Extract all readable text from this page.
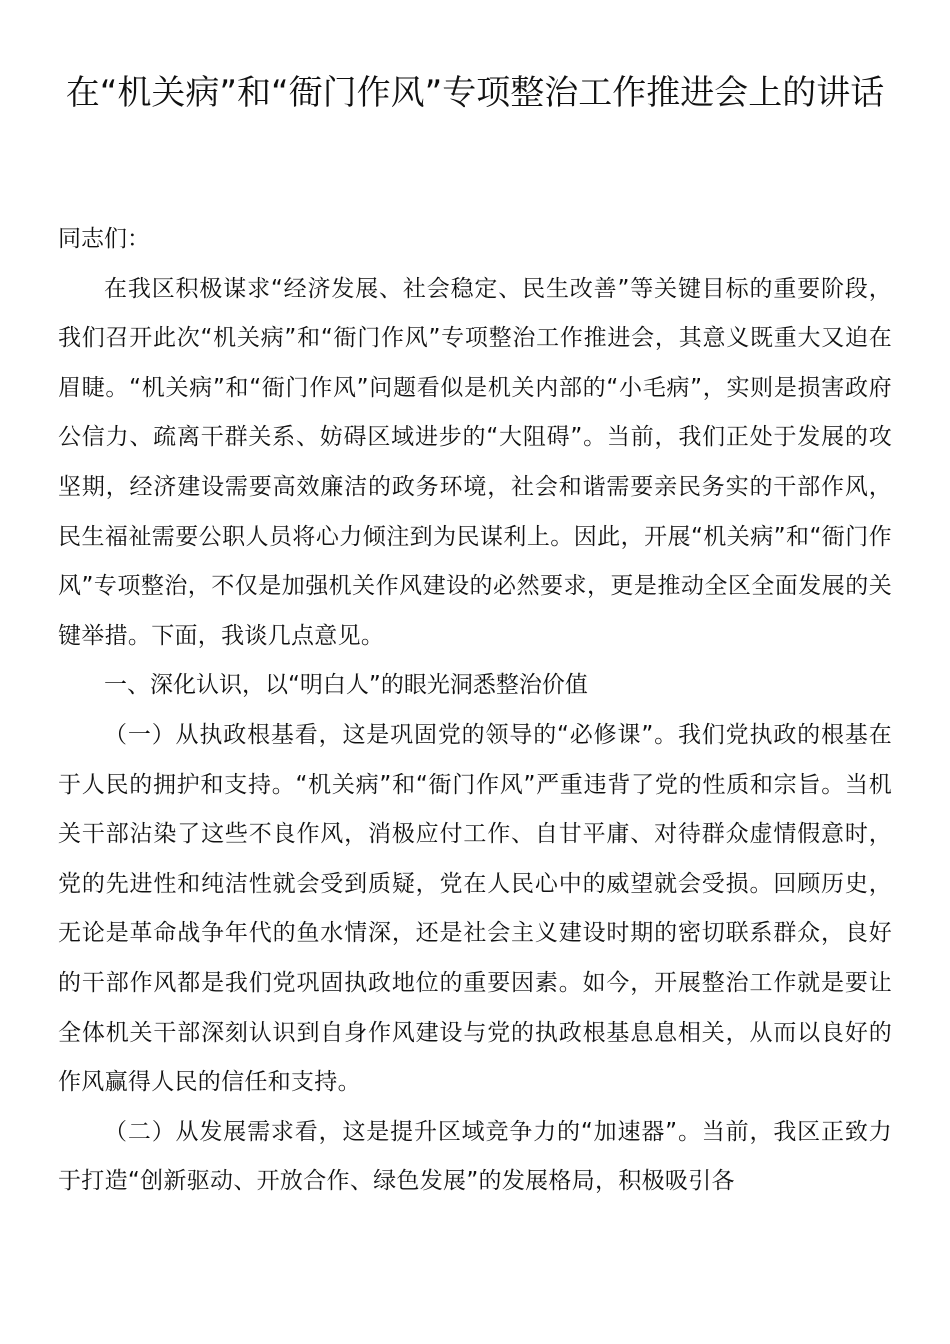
在“机关病”和“衙门作风”专项整治工作推进会上的讲话

同志们：

在我区积极谋求“经济发展、社会稳定、民生改善”等关键目标的重要阶段，我们召开此次“机关病”和“衙门作风”专项整治工作推进会，其意义既重大又迫在眉睫。“机关病”和“衙门作风”问题看似是机关内部的“小毛病”，实则是损害政府公信力、疏离干群关系、妨碍区域进步的“大阻碍”。当前，我们正处于发展的攻坚期，经济建设需要高效廉洁的政务环境，社会和谐需要亲民务实的干部作风，民生福祉需要公职人员将心力倾注到为民谋利上。因此，开展“机关病”和“衙门作风”专项整治，不仅是加强机关作风建设的必然要求，更是推动全区全面发展的关键举措。下面，我谈几点意见。

一、深化认识，以“明白人”的眼光洞悉整治价值

（一）从执政根基看，这是巩固党的领导的“必修课”。我们党执政的根基在于人民的拥护和支持。“机关病”和“衙门作风”严重违背了党的性质和宗旨。当机关干部沾染了这些不良作风，消极应付工作、自甘平庸、对待群众虚情假意时，党的先进性和纯洁性就会受到质疑，党在人民心中的威望就会受损。回顾历史，无论是革命战争年代的鱼水情深，还是社会主义建设时期的密切联系群众，良好的干部作风都是我们党巩固执政地位的重要因素。如今，开展整治工作就是要让全体机关干部深刻认识到自身作风建设与党的执政根基息息相关，从而以良好的作风赢得人民的信任和支持。

（二）从发展需求看，这是提升区域竞争力的“加速器”。当前，我区正致力于打造“创新驱动、开放合作、绿色发展”的发展格局，积极吸引各
